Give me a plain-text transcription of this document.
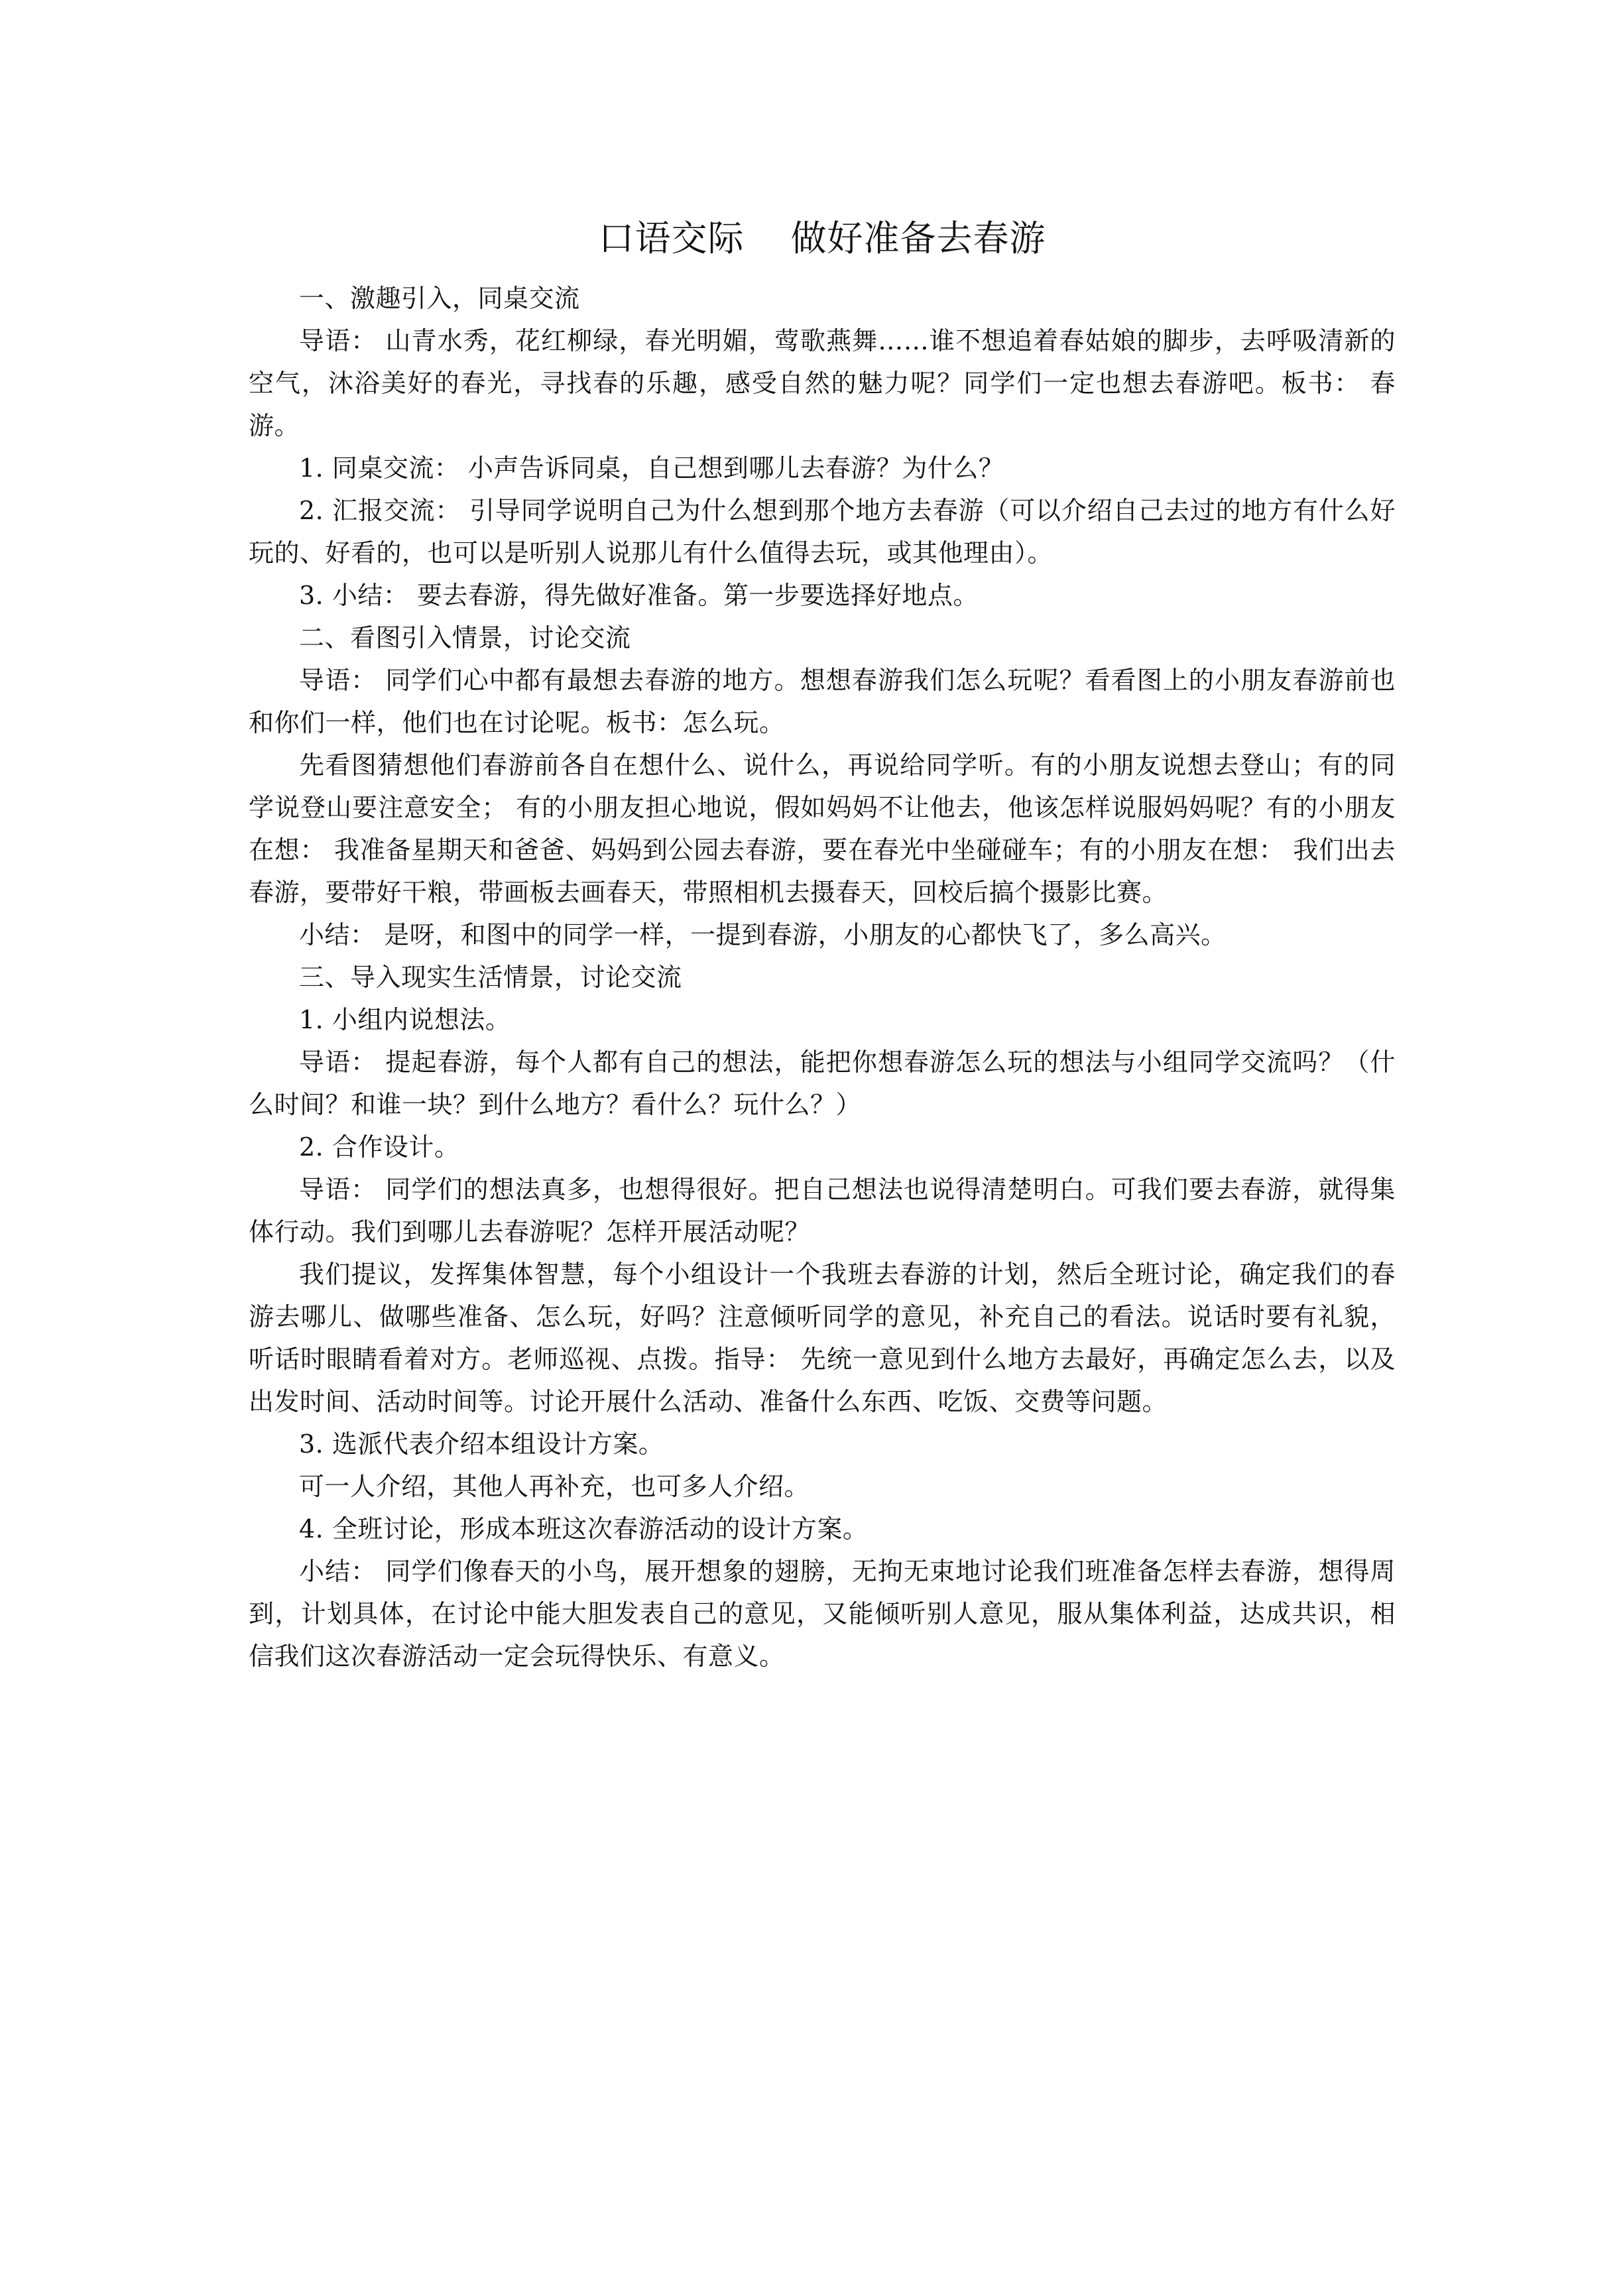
口语交际 做好准备去春游

一、激趣引入，同桌交流

导语： 山青水秀，花红柳绿，春光明媚，莺歌燕舞……谁不想追着春姑娘的脚步，去呼吸清新的空气，沐浴美好的春光，寻找春的乐趣，感受自然的魅力呢？同学们一定也想去春游吧。板书： 春游。

1. 同桌交流： 小声告诉同桌，自己想到哪儿去春游？为什么？

2. 汇报交流： 引导同学说明自己为什么想到那个地方去春游（可以介绍自己去过的地方有什么好玩的、好看的，也可以是听别人说那儿有什么值得去玩，或其他理由）。

3. 小结： 要去春游，得先做好准备。第一步要选择好地点。

二、看图引入情景，讨论交流

导语： 同学们心中都有最想去春游的地方。想想春游我们怎么玩呢？看看图上的小朋友春游前也和你们一样，他们也在讨论呢。板书：怎么玩。

先看图猜想他们春游前各自在想什么、说什么，再说给同学听。有的小朋友说想去登山；有的同学说登山要注意安全； 有的小朋友担心地说，假如妈妈不让他去，他该怎样说服妈妈呢？有的小朋友在想： 我准备星期天和爸爸、妈妈到公园去春游，要在春光中坐碰碰车；有的小朋友在想： 我们出去春游，要带好干粮，带画板去画春天，带照相机去摄春天，回校后搞个摄影比赛。

小结： 是呀，和图中的同学一样，一提到春游，小朋友的心都快飞了，多么高兴。

三、导入现实生活情景，讨论交流

1. 小组内说想法。

导语： 提起春游，每个人都有自己的想法，能把你想春游怎么玩的想法与小组同学交流吗？（什么时间？和谁一块？到什么地方？看什么？玩什么？）

2. 合作设计。

导语： 同学们的想法真多，也想得很好。把自己想法也说得清楚明白。可我们要去春游，就得集体行动。我们到哪儿去春游呢？怎样开展活动呢？

我们提议，发挥集体智慧，每个小组设计一个我班去春游的计划，然后全班讨论，确定我们的春游去哪儿、做哪些准备、怎么玩，好吗？注意倾听同学的意见，补充自己的看法。说话时要有礼貌，听话时眼睛看着对方。老师巡视、点拨。指导： 先统一意见到什么地方去最好，再确定怎么去，以及出发时间、活动时间等。讨论开展什么活动、准备什么东西、吃饭、交费等问题。

3. 选派代表介绍本组设计方案。

可一人介绍，其他人再补充，也可多人介绍。

4. 全班讨论，形成本班这次春游活动的设计方案。

小结： 同学们像春天的小鸟，展开想象的翅膀，无拘无束地讨论我们班准备怎样去春游，想得周到，计划具体，在讨论中能大胆发表自己的意见，又能倾听别人意见，服从集体利益，达成共识，相信我们这次春游活动一定会玩得快乐、有意义。
